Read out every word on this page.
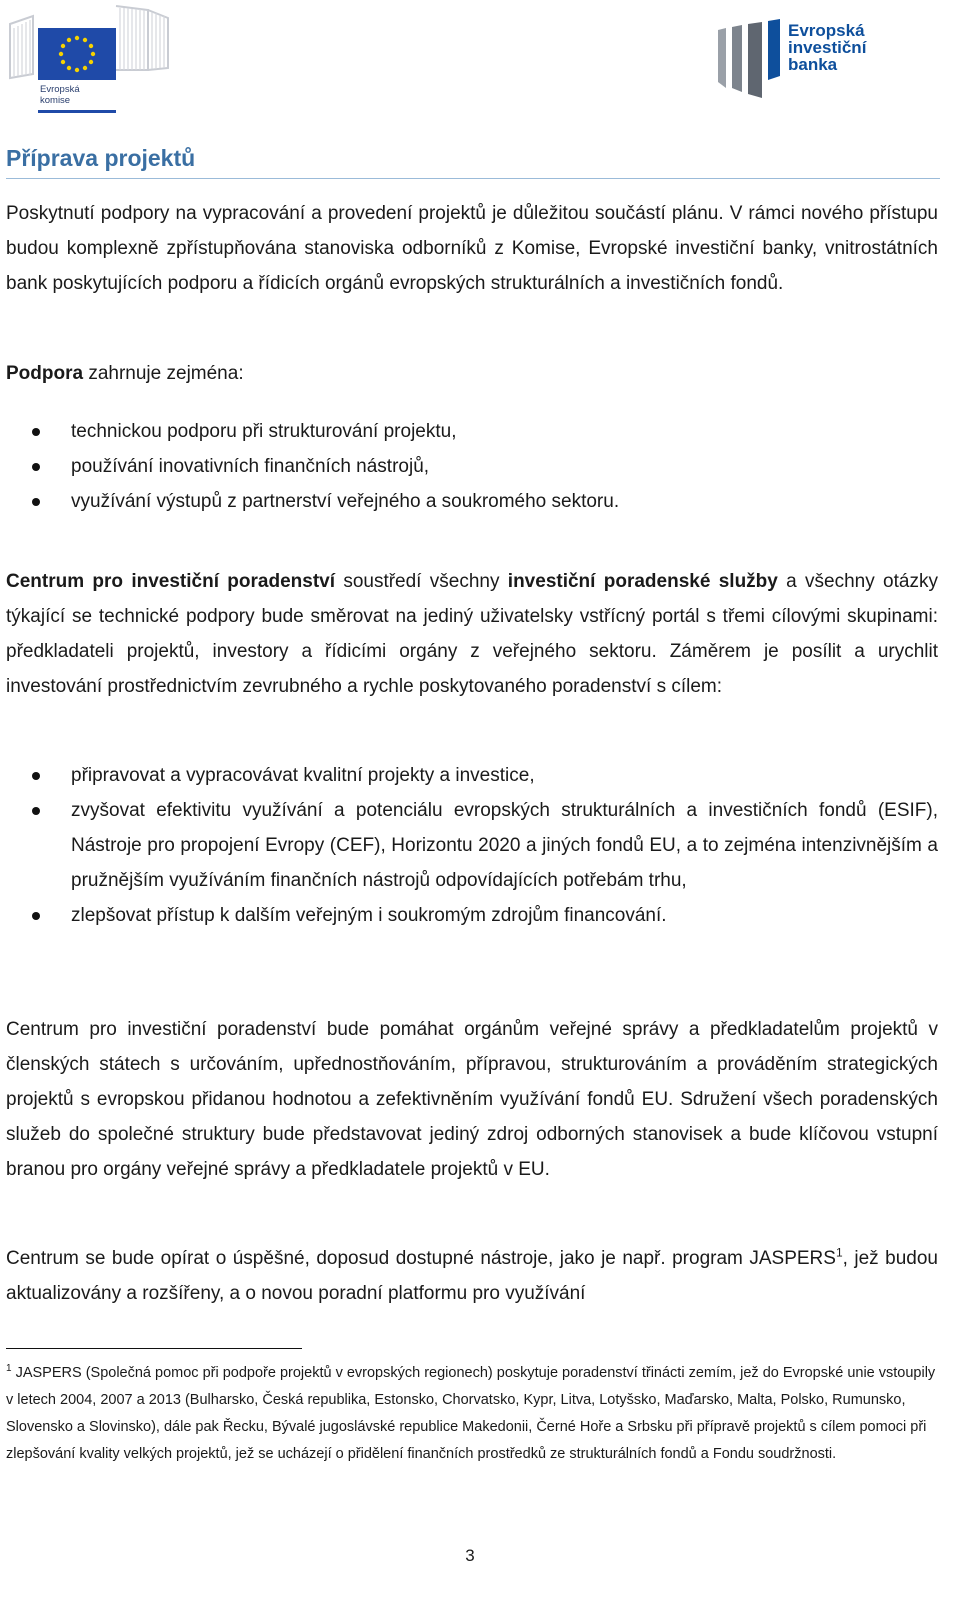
Evropská
komise
Evropská
investiční
banka
Příprava projektů

Poskytnutí podpory na vypracování a provedení projektů je důležitou součástí plánu. V rámci nového přístupu budou komplexně zpřístupňována stanoviska odborníků z Komise, Evropské investiční banky, vnitrostátních bank poskytujících podporu a řídicích orgánů evropských strukturálních a investičních fondů.

Podpora zahrnuje zejména:

technickou podporu při strukturování projektu,
používání inovativních finančních nástrojů,
využívání výstupů z partnerství veřejného a soukromého sektoru.

Centrum pro investiční poradenství soustředí všechny investiční poradenské služby a všechny otázky týkající se technické podpory bude směrovat na jediný uživatelsky vstřícný portál s třemi cílovými skupinami: předkladateli projektů, investory a řídicími orgány z veřejného sektoru. Záměrem je posílit a urychlit investování prostřednictvím zevrubného a rychle poskytovaného poradenství s cílem:

připravovat a vypracovávat kvalitní projekty a investice,
zvyšovat efektivitu využívání a potenciálu evropských strukturálních a investičních fondů (ESIF), Nástroje pro propojení Evropy (CEF), Horizontu 2020 a jiných fondů EU, a to zejména intenzivnějším a pružnějším využíváním finančních nástrojů odpovídajících potřebám trhu,
zlepšovat přístup k dalším veřejným i soukromým zdrojům financování.

Centrum pro investiční poradenství bude pomáhat orgánům veřejné správy a předkladatelům projektů v členských státech s určováním, upřednostňováním, přípravou, strukturováním a prováděním strategických projektů s evropskou přidanou hodnotou a zefektivněním využívání fondů EU. Sdružení všech poradenských služeb do společné struktury bude představovat jediný zdroj odborných stanovisek a bude klíčovou vstupní branou pro orgány veřejné správy a předkladatele projektů v EU.

Centrum se bude opírat o úspěšné, doposud dostupné nástroje, jako je např. program JASPERS$^1$, jež budou aktualizovány a rozšířeny, a o novou poradní platformu pro využívání

$^1$ JASPERS (Společná pomoc při podpoře projektů v evropských regionech) poskytuje poradenství třinácti zemím, jež do Evropské unie vstoupily v letech 2004, 2007 a 2013 (Bulharsko, Česká republika, Estonsko, Chorvatsko, Kypr, Litva, Lotyšsko, Maďarsko, Malta, Polsko, Rumunsko, Slovensko a Slovinsko), dále pak Řecku, Bývalé jugoslávské republice Makedonii, Černé Hoře a Srbsku při přípravě projektů s cílem pomoci při zlepšování kvality velkých projektů, jež se ucházejí o přidělení finančních prostředků ze strukturálních fondů a Fondu soudržnosti.
3
